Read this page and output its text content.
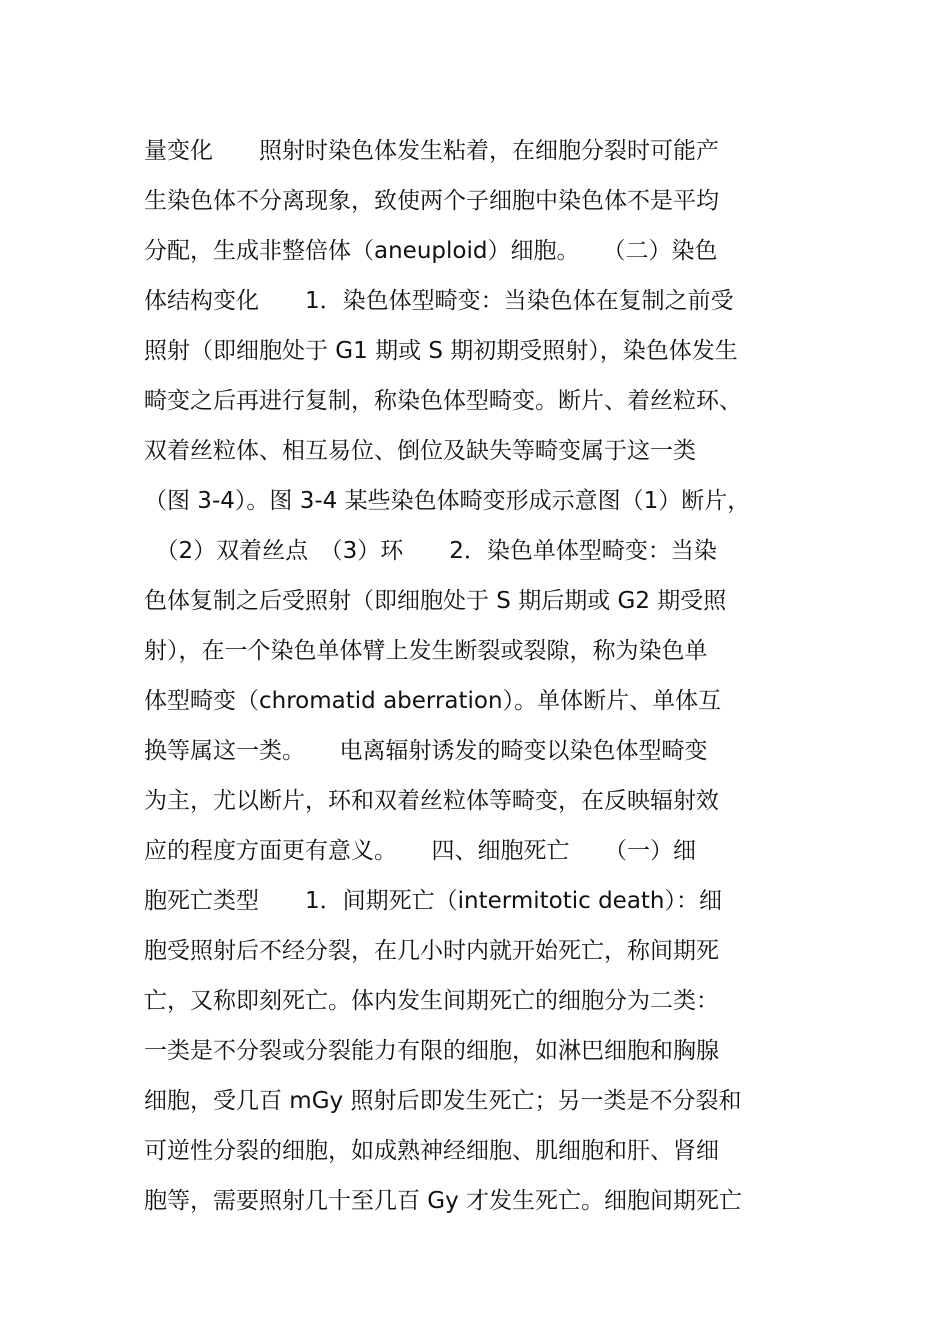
量变化　　照射时染色体发生粘着，在细胞分裂时可能产
生染色体不分离现象，致使两个子细胞中染色体不是平均
分配，生成非整倍体（aneuploid）细胞。　　（二）染色
体结构变化　　1．染色体型畸变：当染色体在复制之前受
照射（即细胞处于 G1 期或 S 期初期受照射），染色体发生
畸变之后再进行复制，称染色体型畸变。断片、着丝粒环、
双着丝粒体、相互易位、倒位及缺失等畸变属于这一类
（图 3-4）。图 3-4 某些染色体畸变形成示意图（1）断片，
　（2）双着丝点　（3）环　　2．染色单体型畸变：当染
色体复制之后受照射（即细胞处于 S 期后期或 G2 期受照
射），在一个染色单体臂上发生断裂或裂隙，称为染色单
体型畸变（chromatid aberration）。单体断片、单体互
换等属这一类。　　电离辐射诱发的畸变以染色体型畸变
为主，尤以断片，环和双着丝粒体等畸变，在反映辐射效
应的程度方面更有意义。　　四、细胞死亡　　（一）细
胞死亡类型　　1．间期死亡（intermitotic death）：细
胞受照射后不经分裂，在几小时内就开始死亡，称间期死
亡，又称即刻死亡。体内发生间期死亡的细胞分为二类：
一类是不分裂或分裂能力有限的细胞，如淋巴细胞和胸腺
细胞，受几百 mGy 照射后即发生死亡；另一类是不分裂和
可逆性分裂的细胞，如成熟神经细胞、肌细胞和肝、肾细
胞等，需要照射几十至几百 Gy 才发生死亡。细胞间期死亡
